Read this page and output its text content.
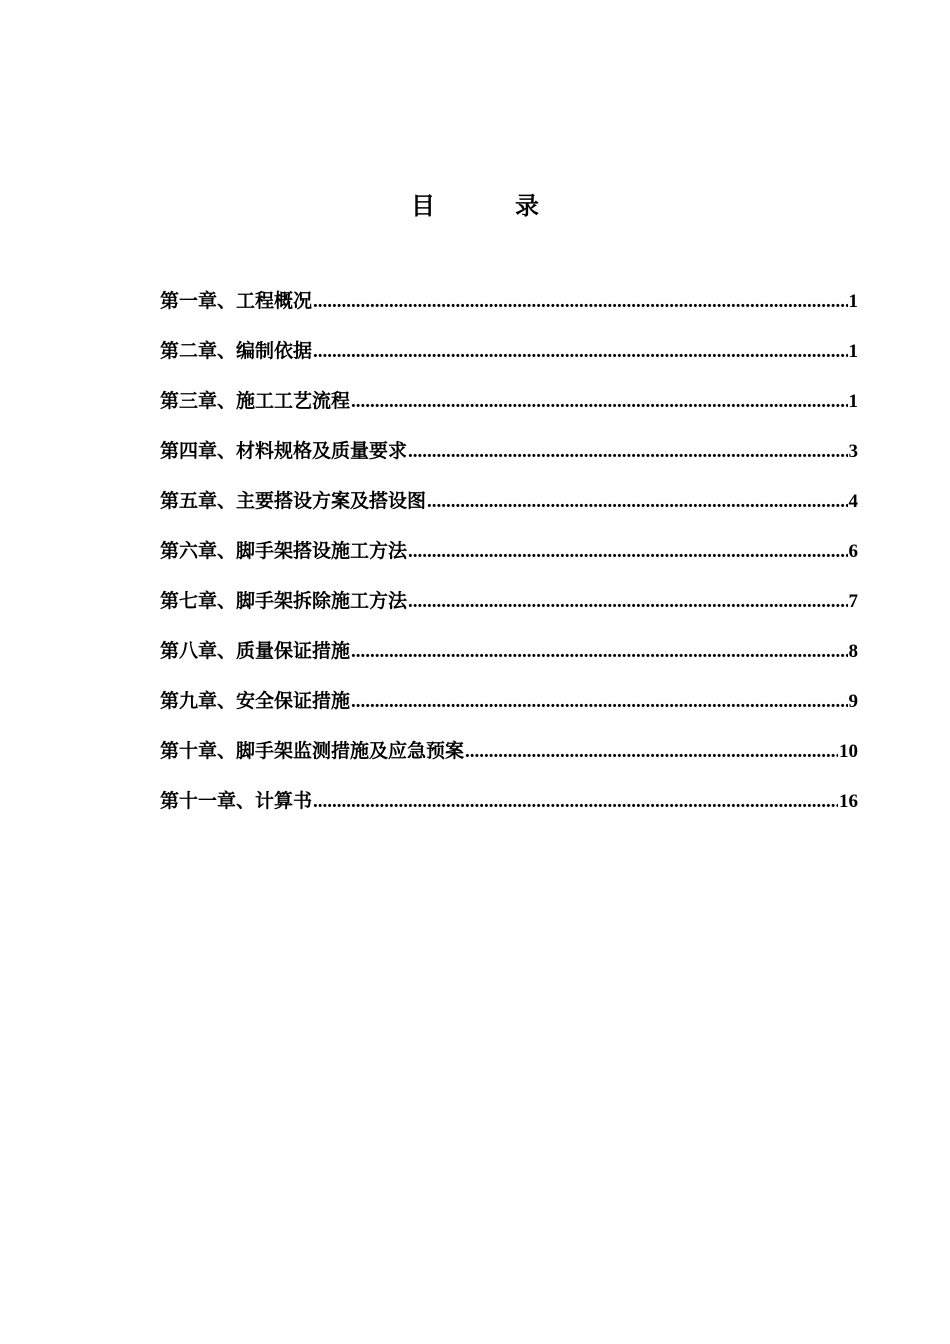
目	录
第一章、工程概况 .....	1
第二章、编制依据 .....	1
第三章、施工工艺流程 .....	1
第四章、材料规格及质量要求 .....	3
第五章、主要搭设方案及搭设图 .....	4
第六章、脚手架搭设施工方法 .....	6
第七章、脚手架拆除施工方法 .....	7
第八章、质量保证措施 .....	8
第九章、安全保证措施 .....	9
第十章、脚手架监测措施及应急预案 .....	10
第十一章、计算书 .....	16
